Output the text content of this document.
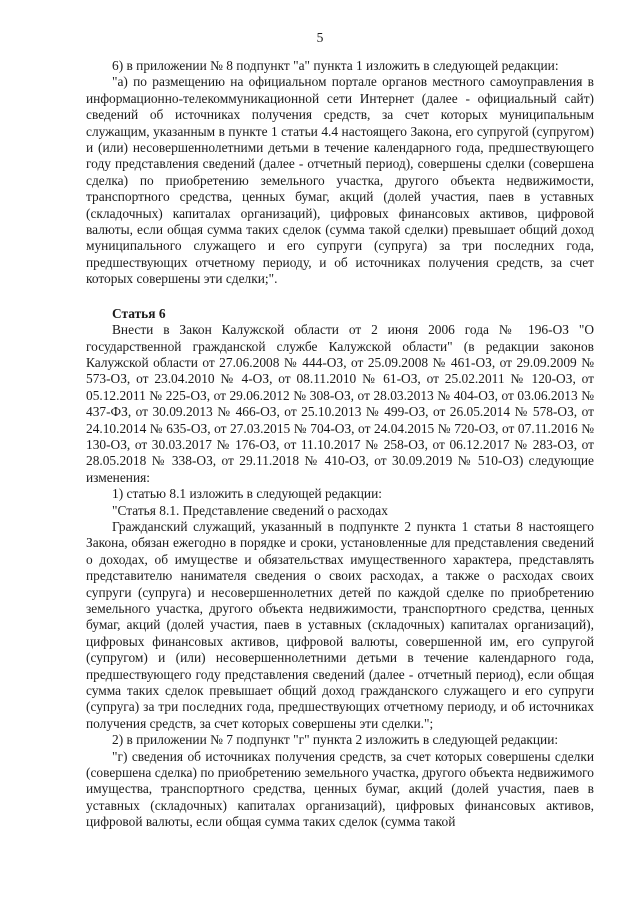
5

6) в приложении № 8 подпункт "а" пункта 1 изложить в следующей редакции:

"а) по размещению на официальном портале органов местного самоуправления в информационно-телекоммуникационной сети Интернет (далее - официальный сайт) сведений об источниках получения средств, за счет которых муниципальным служащим, указанным в пункте 1 статьи 4.4 настоящего Закона, его супругой (супругом) и (или) несовершеннолетними детьми в течение календарного года, предшествующего году представления сведений (далее - отчетный период), совершены сделки (совершена сделка) по приобретению земельного участка, другого объекта недвижимости, транспортного средства, ценных бумаг, акций (долей участия, паев в уставных (складочных) капиталах организаций), цифровых финансовых активов, цифровой валюты, если общая сумма таких сделок (сумма такой сделки) превышает общий доход муниципального служащего и его супруги (супруга) за три последних года, предшествующих отчетному периоду, и об источниках получения средств, за счет которых совершены эти сделки;".

Статья 6

Внести в Закон Калужской области от 2 июня 2006 года № 196-ОЗ "О государственной гражданской службе Калужской области" (в редакции законов Калужской области от 27.06.2008 № 444-ОЗ, от 25.09.2008 № 461-ОЗ, от 29.09.2009 № 573-ОЗ, от 23.04.2010 № 4-ОЗ, от 08.11.2010 № 61-ОЗ, от 25.02.2011 № 120-ОЗ, от 05.12.2011 № 225-ОЗ, от 29.06.2012 № 308-ОЗ, от 28.03.2013 № 404-ОЗ, от 03.06.2013 № 437-ФЗ, от 30.09.2013 № 466-ОЗ, от 25.10.2013 № 499-ОЗ, от 26.05.2014 № 578-ОЗ, от 24.10.2014 № 635-ОЗ, от 27.03.2015 № 704-ОЗ, от 24.04.2015 № 720-ОЗ, от 07.11.2016 № 130-ОЗ, от 30.03.2017 № 176-ОЗ, от 11.10.2017 № 258-ОЗ, от 06.12.2017 № 283-ОЗ, от 28.05.2018 № 338-ОЗ, от 29.11.2018 № 410-ОЗ, от 30.09.2019 № 510-ОЗ) следующие изменения:

1) статью 8.1 изложить в следующей редакции:

"Статья 8.1. Представление сведений о расходах

Гражданский служащий, указанный в подпункте 2 пункта 1 статьи 8 настоящего Закона, обязан ежегодно в порядке и сроки, установленные для представления сведений о доходах, об имуществе и обязательствах имущественного характера, представлять представителю нанимателя сведения о своих расходах, а также о расходах своих супруги (супруга) и несовершеннолетних детей по каждой сделке по приобретению земельного участка, другого объекта недвижимости, транспортного средства, ценных бумаг, акций (долей участия, паев в уставных (складочных) капиталах организаций), цифровых финансовых активов, цифровой валюты, совершенной им, его супругой (супругом) и (или) несовершеннолетними детьми в течение календарного года, предшествующего году представления сведений (далее - отчетный период), если общая сумма таких сделок превышает общий доход гражданского служащего и его супруги (супруга) за три последних года, предшествующих отчетному периоду, и об источниках получения средств, за счет которых совершены эти сделки.";

2) в приложении № 7 подпункт "г" пункта 2 изложить в следующей редакции:

"г) сведения об источниках получения средств, за счет которых совершены сделки (совершена сделка) по приобретению земельного участка, другого объекта недвижимого имущества, транспортного средства, ценных бумаг, акций (долей участия, паев в уставных (складочных) капиталах организаций), цифровых финансовых активов, цифровой валюты, если общая сумма таких сделок (сумма такой
